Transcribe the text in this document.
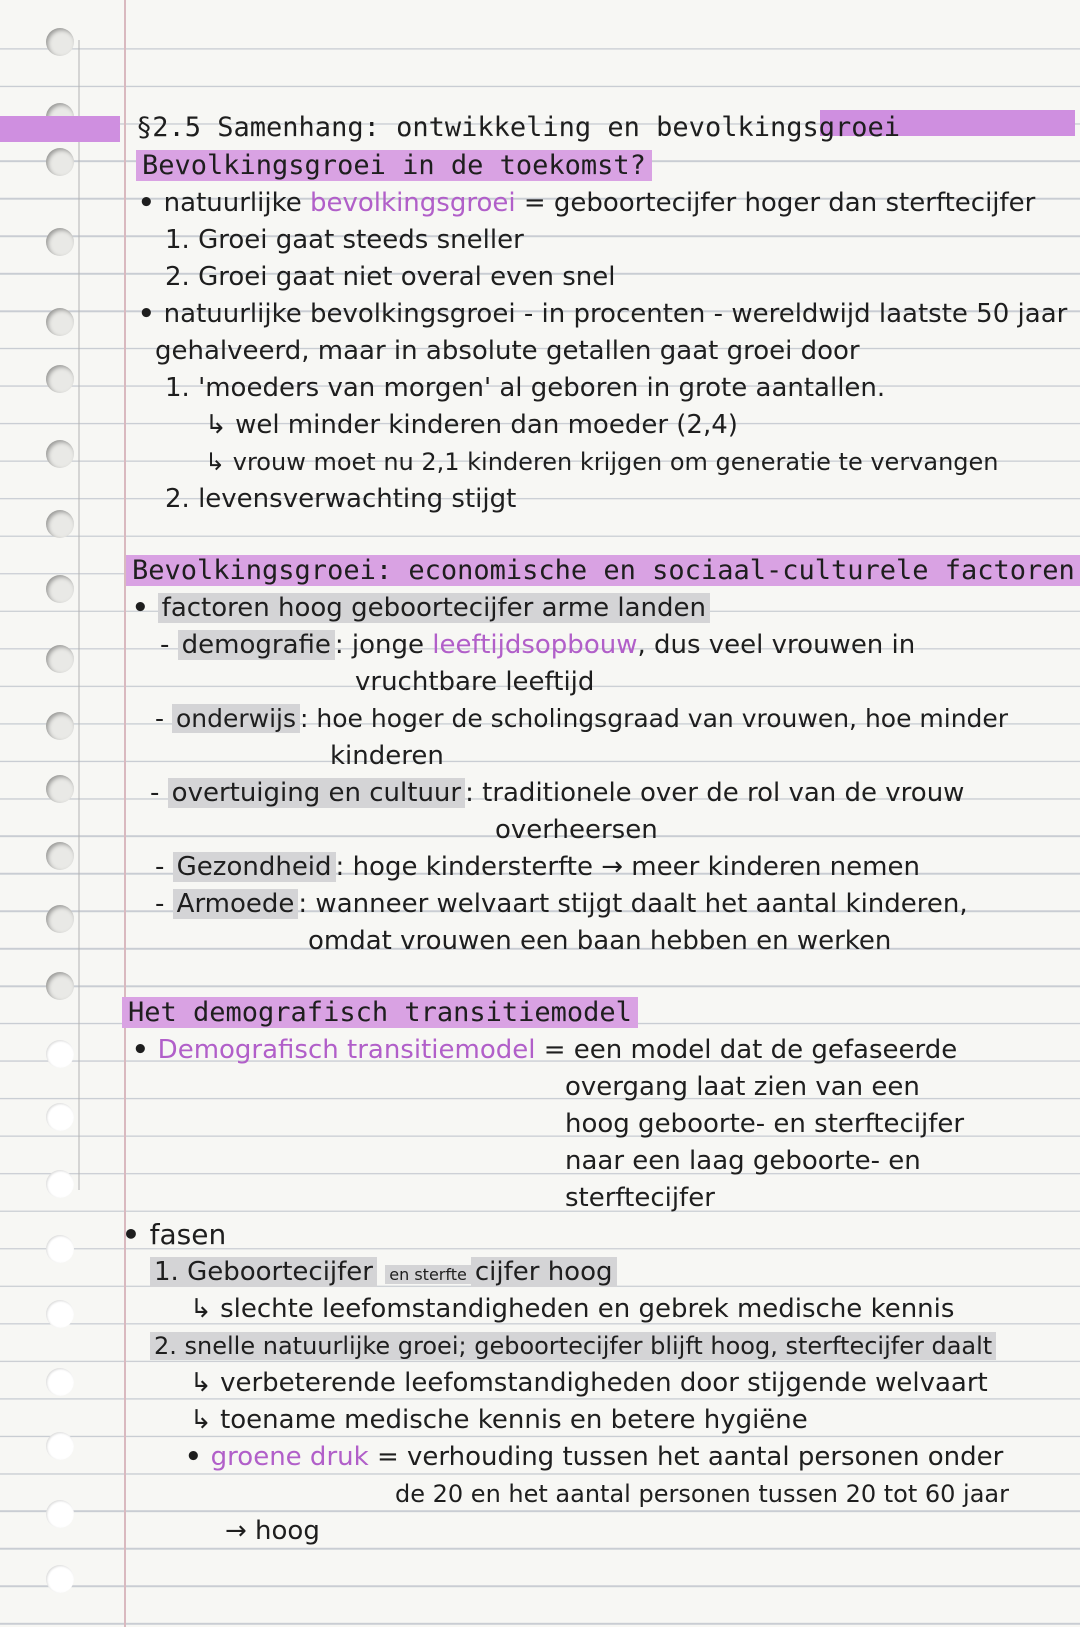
§2.5 Samenhang: ontwikkeling en bevolkingsgroei
Bevolkingsgroei in de toekomst?
• natuurlijke bevolkingsgroei = geboortecijfer hoger dan sterftecijfer
1. Groei gaat steeds sneller
2. Groei gaat niet overal even snel
• natuurlijke bevolkingsgroei - in procenten - wereldwijd laatste 50 jaar
gehalveerd, maar in absolute getallen gaat groei door
1. 'moeders van morgen' al geboren in grote aantallen.
↳ wel minder kinderen dan moeder (2,4)
↳ vrouw moet nu 2,1 kinderen krijgen om generatie te vervangen
2. levensverwachting stijgt
Bevolkingsgroei: economische en sociaal-culturele factoren
• factoren hoog geboortecijfer arme landen
- demografie : jonge leeftijdsopbouw, dus veel vrouwen in
vruchtbare leeftijd
- onderwijs : hoe hoger de scholingsgraad van vrouwen, hoe minder
kinderen
- overtuiging en cultuur : traditionele over de rol van de vrouw
overheersen
- Gezondheid : hoge kindersterfte → meer kinderen nemen
- Armoede : wanneer welvaart stijgt daalt het aantal kinderen,
omdat vrouwen een baan hebben en werken
Het demografisch transitiemodel
• Demografisch transitiemodel = een model dat de gefaseerde
overgang laat zien van een
hoog geboorte- en sterftecijfer
naar een laag geboorte- en
sterftecijfer
• fasen
1. Geboortecijfer en sterfte cijfer hoog
↳ slechte leefomstandigheden en gebrek medische kennis
2. snelle natuurlijke groei; geboortecijfer blijft hoog, sterftecijfer daalt
↳ verbeterende leefomstandigheden door stijgende welvaart
↳ toename medische kennis en betere hygiëne
• groene druk = verhouding tussen het aantal personen onder
de 20 en het aantal personen tussen 20 tot 60 jaar
→ hoog
